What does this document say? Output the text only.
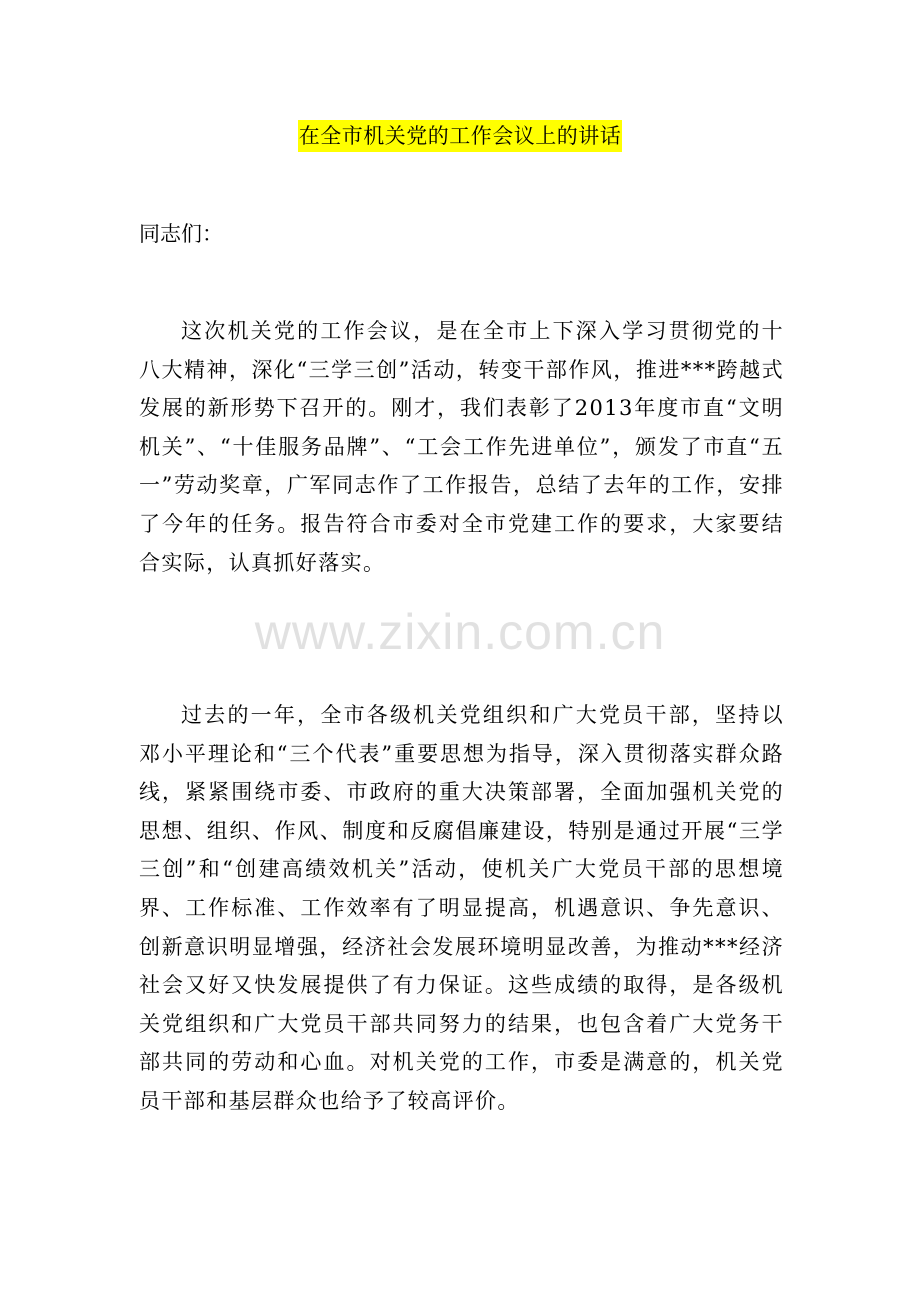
在全市机关党的工作会议上的讲话

同志们：

这次机关党的工作会议，是在全市上下深入学习贯彻党的十八大精神，深化“三学三创”活动，转变干部作风，推进***跨越式发展的新形势下召开的。刚才，我们表彰了2013年度市直“文明机关”、“十佳服务品牌”、“工会工作先进单位”，颁发了市直“五一”劳动奖章，广军同志作了工作报告，总结了去年的工作，安排了今年的任务。报告符合市委对全市党建工作的要求，大家要结合实际，认真抓好落实。

过去的一年，全市各级机关党组织和广大党员干部，坚持以邓小平理论和“三个代表”重要思想为指导，深入贯彻落实群众路线，紧紧围绕市委、市政府的重大决策部署，全面加强机关党的思想、组织、作风、制度和反腐倡廉建设，特别是通过开展“三学三创”和“创建高绩效机关”活动，使机关广大党员干部的思想境界、工作标准、工作效率有了明显提高，机遇意识、争先意识、创新意识明显增强，经济社会发展环境明显改善，为推动***经济社会又好又快发展提供了有力保证。这些成绩的取得，是各级机关党组织和广大党员干部共同努力的结果，也包含着广大党务干部共同的劳动和心血。对机关党的工作，市委是满意的，机关党员干部和基层群众也给予了较高评价。

www.zixin.com.cn
